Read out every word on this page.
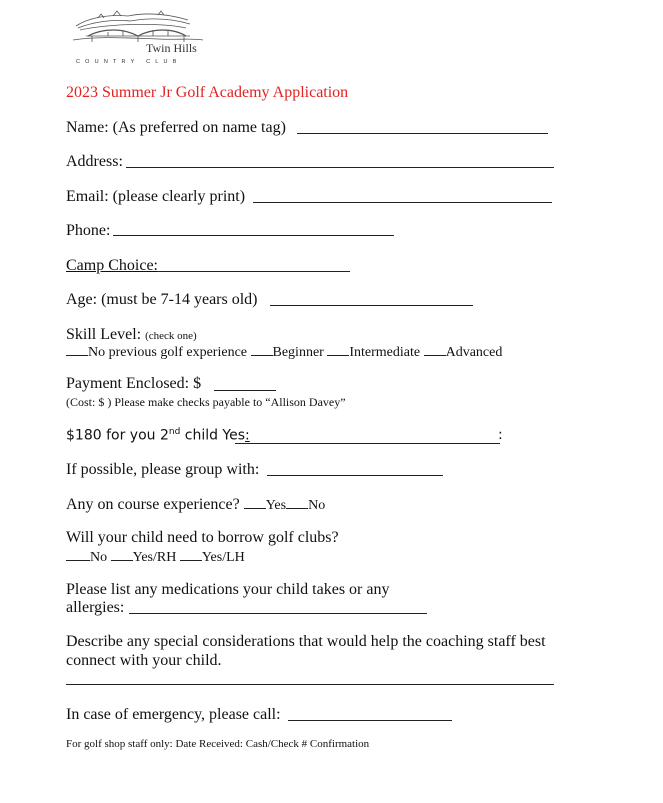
Twin Hills
COUNTRY CLUB
2023 Summer Jr Golf Academy Application
Name: (As preferred on name tag)
Address:
Email: (please clearly print)
Phone:
Camp Choice:
Age: (must be 7-14 years old)
Skill Level: (check one)
No previous golf experience Beginner Intermediate Advanced
Payment Enclosed: $
(Cost: $ ) Please make checks payable to “Allison Davey”
$180 for you 2nd child Yes:	:
If possible, please group with:
Any on course experience? Yes No
Will your child need to borrow golf clubs?
No Yes/RH Yes/LH
Please list any medications your child takes or any
allergies:
Describe any special considerations that would help the coaching staff best
connect with your child.
In case of emergency, please call:
For golf shop staff only: Date Received: Cash/Check # Confirmation
